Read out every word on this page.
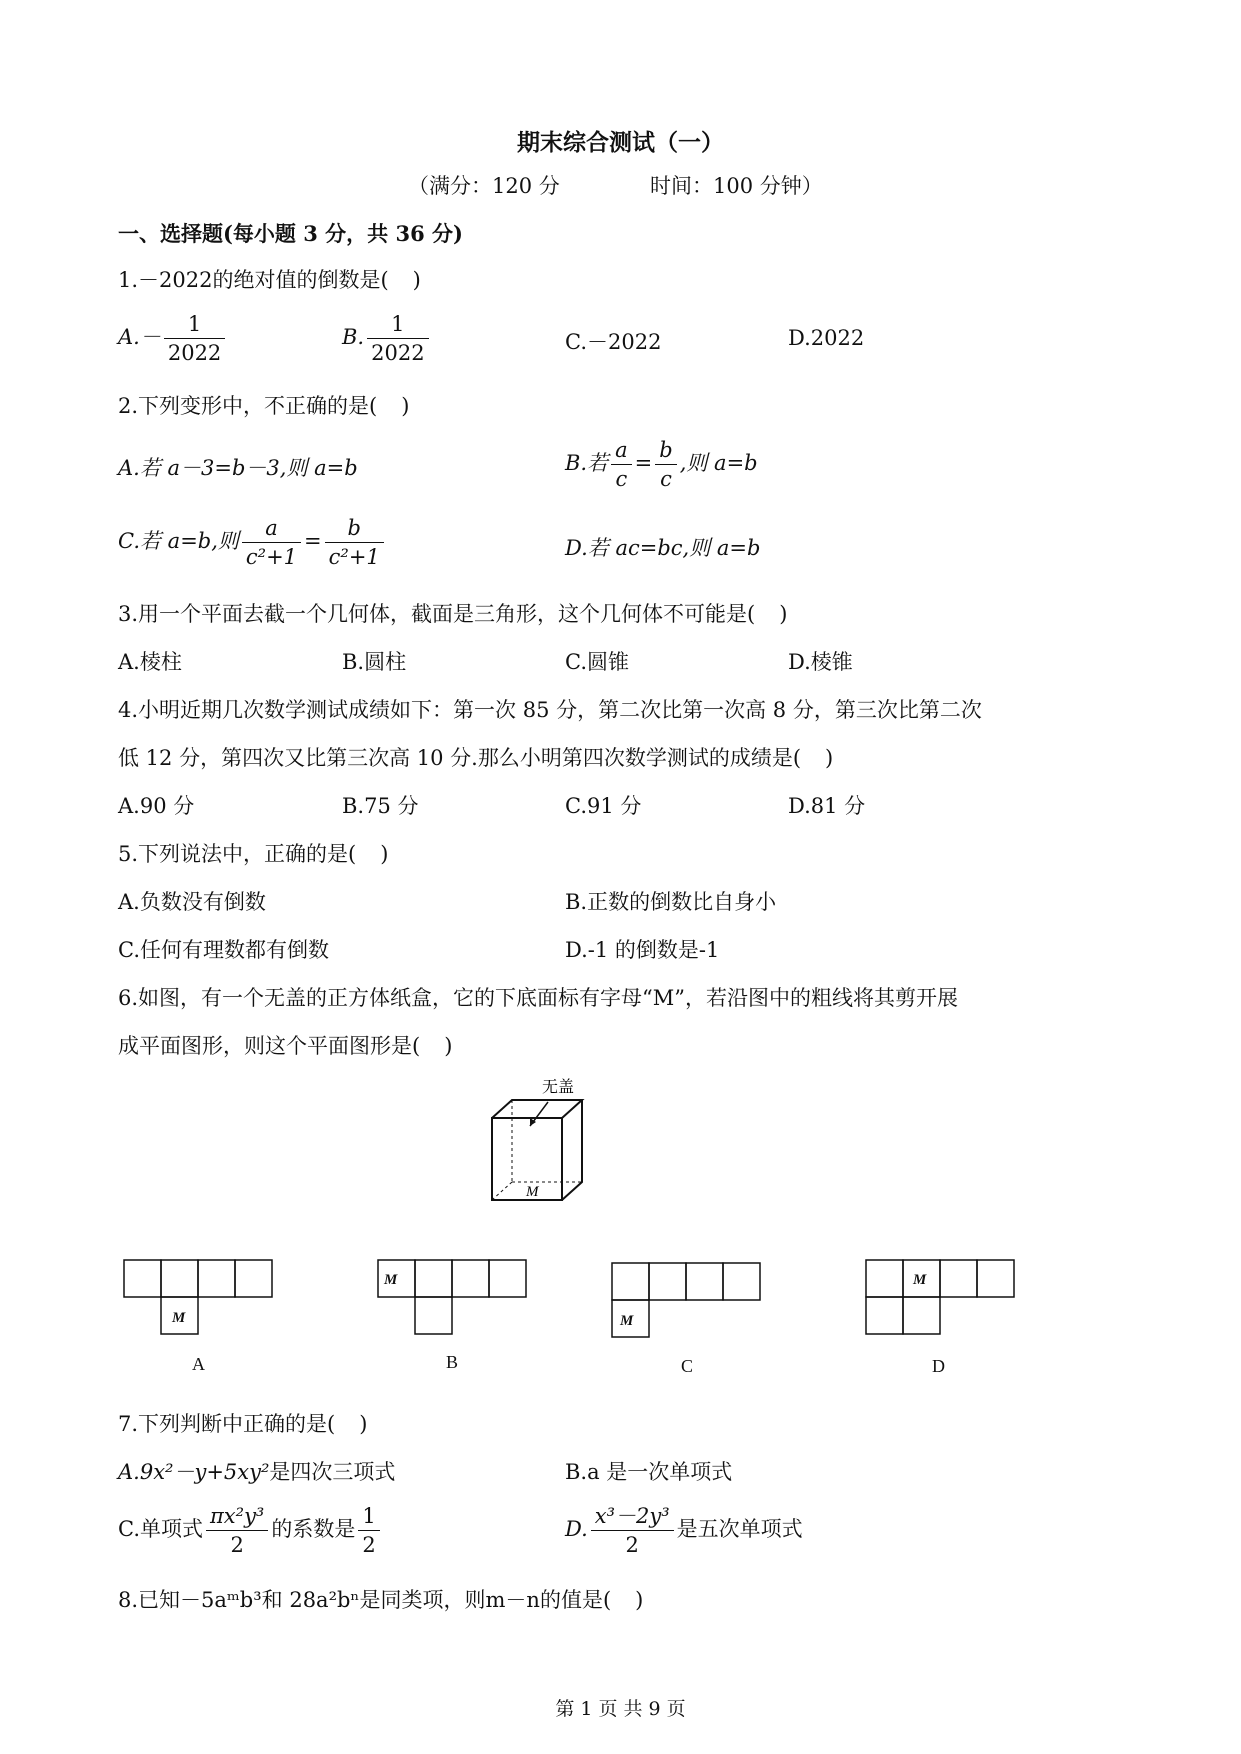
期末综合测试（一）
（满分：120 分	时间：100 分钟）
一、选择题(每小题 3 分，共 36 分)
1.－2022的绝对值的倒数是( )
$A.- \frac{1}{2022}$	B. $\frac{1}{2022}$	C.－2022	D.2022
2.下列变形中，不正确的是( )
A.若 a－3=b－3,则 a=b	B.若 $\frac{a}{c} = \frac{b}{c}$ ,则 a=b
C.若 a=b,则 $\frac{a}{\text{c²+1}} = \frac{b}{\text{c²+1}}$	D.若 ac=bc,则 a=b
3.用一个平面去截一个几何体，截面是三角形，这个几何体不可能是( )
A.棱柱	B.圆柱	C.圆锥	D.棱锥
4.小明近期几次数学测试成绩如下：第一次 85 分，第二次比第一次高 8 分，第三次比第二次
低 12 分，第四次又比第三次高 10 分.那么小明第四次数学测试的成绩是( )
A.90 分	B.75 分	C.91 分	D.81 分
5.下列说法中，正确的是( )
A.负数没有倒数	B.正数的倒数比自身小
C.任何有理数都有倒数	D.-1 的倒数是-1
6.如图，有一个无盖的正方体纸盒，它的下底面标有字母“M”，若沿图中的粗线将其剪开展
成平面图形，则这个平面图形是( )
无盖
M
M
M
M
M
A	B	C	D
7.下列判断中正确的是( )
A.9x²－y+5xy²是四次三项式	B.a 是一次单项式
C.单项式 $\frac{\text{πx²y³}}{2}$ 的系数是 $\frac{1}{2}$	D. $\frac{\text{x³－2y³}}{2}$ 是五次单项式
8.已知－5aᵐb³和 28a²bⁿ是同类项，则m－n的值是( )
第 1 页 共 9 页
